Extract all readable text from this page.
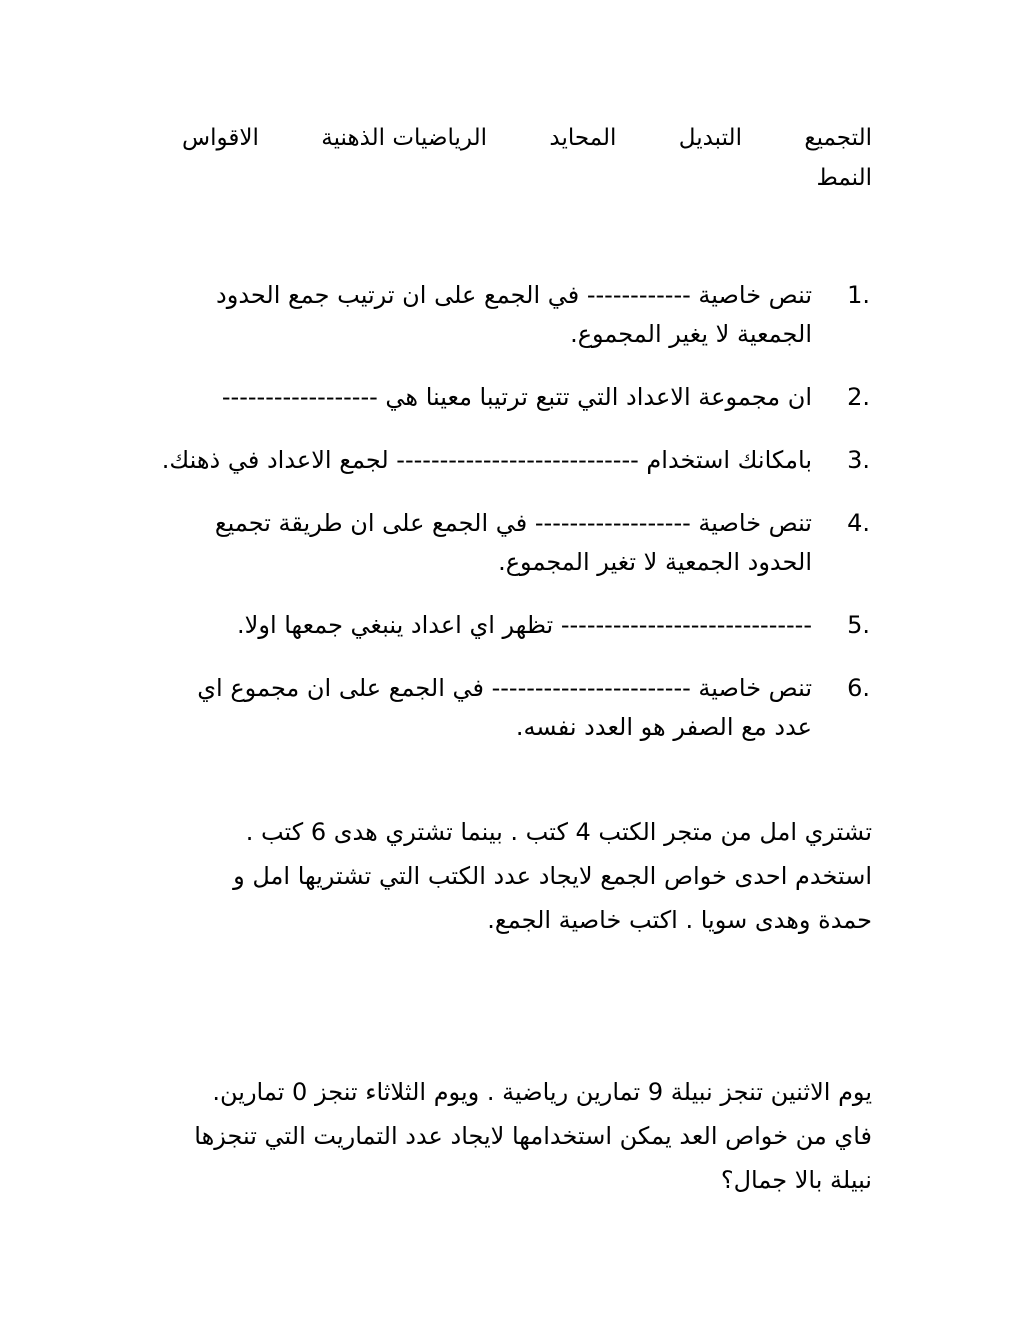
التجميع
التبديل
المحايد
الرياضيات الذهنية
الاقواس
النمط
1.
تنص خاصية ------------ في الجمع على ان ترتيب جمع الحدود الجمعية لا يغير المجموع.
2.
ان مجموعة الاعداد التي تتبع ترتيبا معينا هي ------------------
3.
بامكانك استخدام ---------------------------- لجمع الاعداد في ذهنك.
4.
تنص خاصية ------------------ في الجمع على ان طريقة تجميع الحدود الجمعية لا تغير المجموع.
5.
----------------------------- تظهر اي اعداد ينبغي جمعها اولا.
6.
تنص خاصية ----------------------- في الجمع على ان مجموع اي عدد مع الصفر هو العدد نفسه.
تشتري امل من متجر الكتب 4 كتب . بينما تشتري هدى 6 كتب . استخدم احدى خواص الجمع لايجاد عدد الكتب التي تشتريها امل و حمدة وهدى سويا . اكتب خاصية الجمع.
يوم الاثنين تنجز نبيلة 9 تمارين رياضية . ويوم الثلاثاء تنجز 0 تمارين. فاي من خواص العد يمكن استخدامها لايجاد عدد التماريت التي تنجزها نبيلة بالا جمال؟
